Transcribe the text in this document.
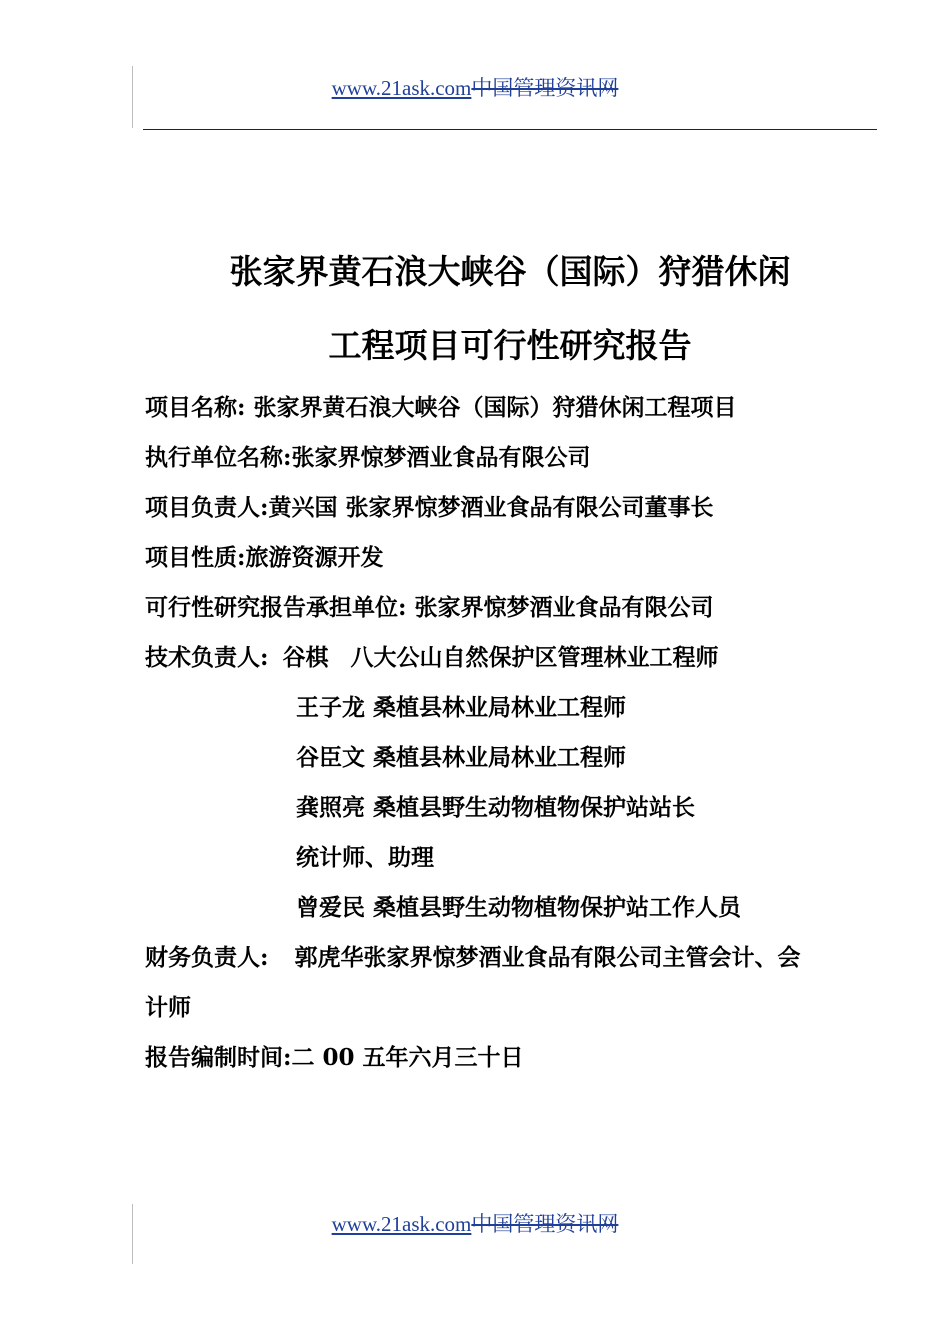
www.21ask.com中国管理资讯网
张家界黄石浪大峡谷（国际）狩猎休闲
工程项目可行性研究报告
项目名称: 张家界黄石浪大峡谷（国际）狩猎休闲工程项目
执行单位名称:张家界惊梦酒业食品有限公司
项目负责人:黄兴国 张家界惊梦酒业食品有限公司董事长
项目性质:旅游资源开发
可行性研究报告承担单位: 张家界惊梦酒业食品有限公司
技术负责人: 谷棋 八大公山自然保护区管理林业工程师
王子龙 桑植县林业局林业工程师
谷臣文 桑植县林业局林业工程师
龚照亮 桑植县野生动物植物保护站站长
统计师、助理
曾爱民 桑植县野生动物植物保护站工作人员
财务负责人: 郭虎华张家界惊梦酒业食品有限公司主管会计、会
计师
报告编制时间:二 00 五年六月三十日
www.21ask.com中国管理资讯网
